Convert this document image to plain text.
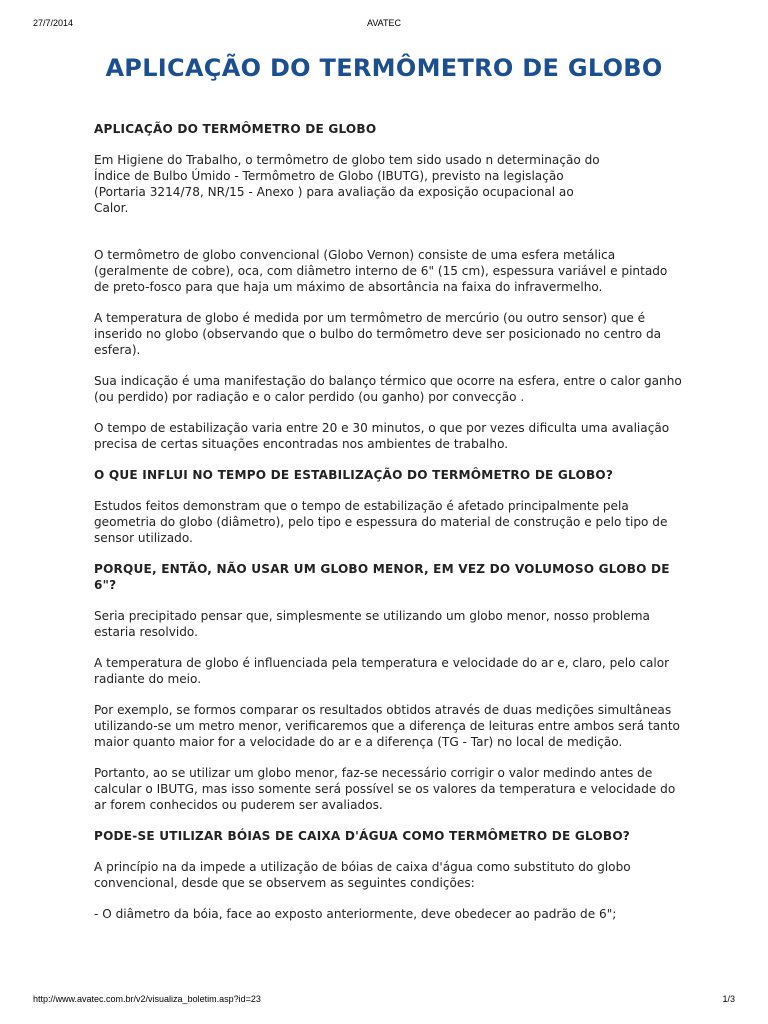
27/7/2014	AVATEC
APLICAÇÃO DO TERMÔMETRO DE GLOBO
APLICAÇÃO DO TERMÔMETRO DE GLOBO

Em Higiene do Trabalho, o termômetro de globo tem sido usado n determinação do
Índice de Bulbo Úmido - Termômetro de Globo (IBUTG), previsto na legislação
(Portaria 3214/78, NR/15 - Anexo ) para avaliação da exposição ocupacional ao
Calor.

O termômetro de globo convencional (Globo Vernon) consiste de uma esfera metálica (geralmente de cobre), oca, com diâmetro interno de 6" (15 cm), espessura variável e pintado de preto-fosco para que haja um máximo de absortância na faixa do infravermelho.

A temperatura de globo é medida por um termômetro de mercúrio (ou outro sensor) que é inserido no globo (observando que o bulbo do termômetro deve ser posicionado no centro da esfera).

Sua indicação é uma manifestação do balanço térmico que ocorre na esfera, entre o calor ganho (ou perdido) por radiação e o calor perdido (ou ganho) por convecção .

O tempo de estabilização varia entre 20 e 30 minutos, o que por vezes dificulta uma avaliação precisa de certas situações encontradas nos ambientes de trabalho.

O QUE INFLUI NO TEMPO DE ESTABILIZAÇÃO DO TERMÔMETRO DE GLOBO?

Estudos feitos demonstram que o tempo de estabilização é afetado principalmente pela geometria do globo (diâmetro), pelo tipo e espessura do material de construção e pelo tipo de sensor utilizado.

PORQUE, ENTÃO, NÃO USAR UM GLOBO MENOR, EM VEZ DO VOLUMOSO GLOBO DE 6"?

Seria precipitado pensar que, simplesmente se utilizando um globo menor, nosso problema estaria resolvido.

A temperatura de globo é influenciada pela temperatura e velocidade do ar e, claro, pelo calor radiante do meio.

Por exemplo, se formos comparar os resultados obtidos através de duas medições simultâneas utilizando-se um metro menor, verificaremos que a diferença de leituras entre ambos será tanto maior quanto maior for a velocidade do ar e a diferença (TG - Tar) no local de medição.

Portanto, ao se utilizar um globo menor, faz-se necessário corrigir o valor medindo antes de calcular o IBUTG, mas isso somente será possível se os valores da temperatura e velocidade do ar forem conhecidos ou puderem ser avaliados.

PODE-SE UTILIZAR BÓIAS DE CAIXA D'ÁGUA COMO TERMÔMETRO DE GLOBO?

A princípio na da impede a utilização de bóias de caixa d'água como substituto do globo convencional, desde que se observem as seguintes condições:

- O diâmetro da bóia, face ao exposto anteriormente, deve obedecer ao padrão de 6";

http://www.avatec.com.br/v2/visualiza_boletim.asp?id=23	1/3
